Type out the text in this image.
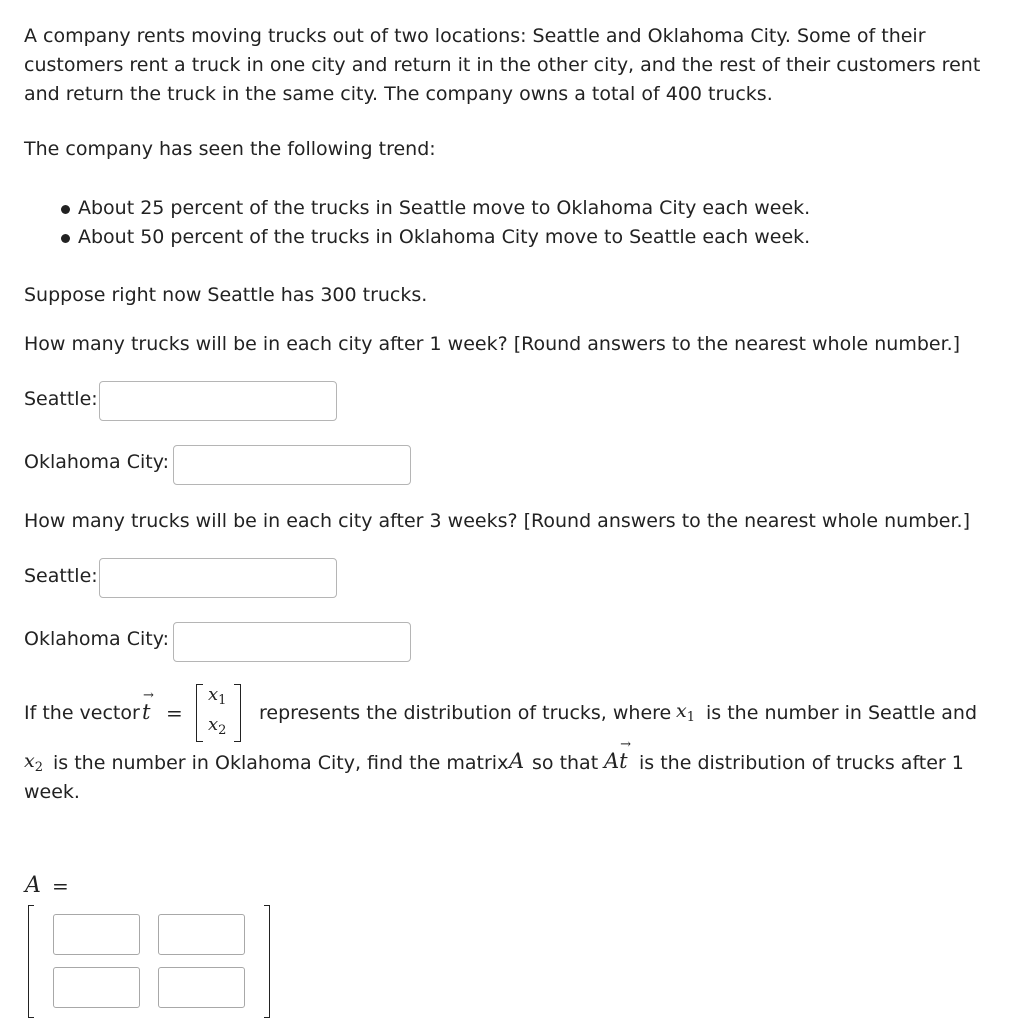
A company rents moving trucks out of two locations: Seattle and Oklahoma City. Some of their
customers rent a truck in one city and return it in the other city, and the rest of their customers rent
and return the truck in the same city. The company owns a total of 400 trucks.
The company has seen the following trend:
About 25 percent of the trucks in Seattle move to Oklahoma City each week.
About 50 percent of the trucks in Oklahoma City move to Seattle each week.
Suppose right now Seattle has 300 trucks.
How many trucks will be in each city after 1 week? [Round answers to the nearest whole number.]
Seattle:
Oklahoma City:
How many trucks will be in each city after 3 weeks? [Round answers to the nearest whole number.]
Seattle:
Oklahoma City:
If the vector
→
t =
$x_1$
$x_2$
represents the distribution of trucks, where $x_1$ is the number in Seattle and
$x_2$ is the number in Oklahoma City, find the matrix A so that A
→
t is the distribution of trucks after 1
week.
A =
